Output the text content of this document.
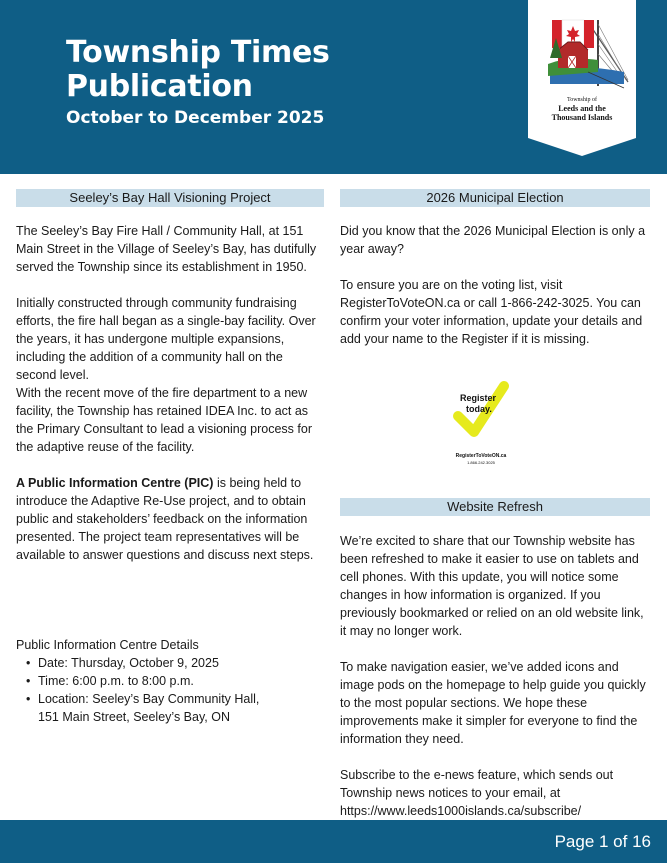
Township Times
Publication
October to December 2025
Township of
Leeds and the
Thousand Islands
Seeley’s Bay Hall Visioning Project

The Seeley’s Bay Fire Hall / Community Hall, at 151 Main Street in the Village of Seeley’s Bay, has dutifully served the Township since its establishment in 1950.

Initially constructed through community fundraising efforts, the fire hall began as a single-bay facility. Over the years, it has undergone multiple expansions, including the addition of a community hall on the second level.

With the recent move of the fire department to a new facility, the Township has retained IDEA Inc. to act as the Primary Consultant to lead a visioning process for the adaptive reuse of the facility.

A Public Information Centre (PIC) is being held to introduce the Adaptive Re-Use project, and to obtain public and stakeholders’ feedback on the information presented. The project team representatives will be available to answer questions and discuss next steps.

Public Information Centre Details

• Date: Thursday, October 9, 2025
• Time: 6:00 p.m. to 8:00 p.m.
• Location: Seeley’s Bay Community Hall,
151 Main Street, Seeley’s Bay, ON
2026 Municipal Election

Did you know that the 2026 Municipal Election is only a year away?

To ensure you are on the voting list, visit RegisterToVoteON.ca or call 1-866-242-3025. You can confirm your voter information, update your details and add your name to the Register if it is missing.

Register
today.
RegisterToVoteON.ca
1.866.242.3025
Website Refresh

We’re excited to share that our Township website has been refreshed to make it easier to use on tablets and cell phones. With this update, you will notice some changes in how information is organized. If you previously bookmarked or relied on an old website link, it may no longer work.

To make navigation easier, we’ve added icons and image pods on the homepage to help guide you quickly to the most popular sections. We hope these improvements make it simpler for everyone to find the information they need.

Subscribe to the e-news feature, which sends out Township news notices to your email, at https://www.leeds1000islands.ca/subscribe/

Page 1 of 16
